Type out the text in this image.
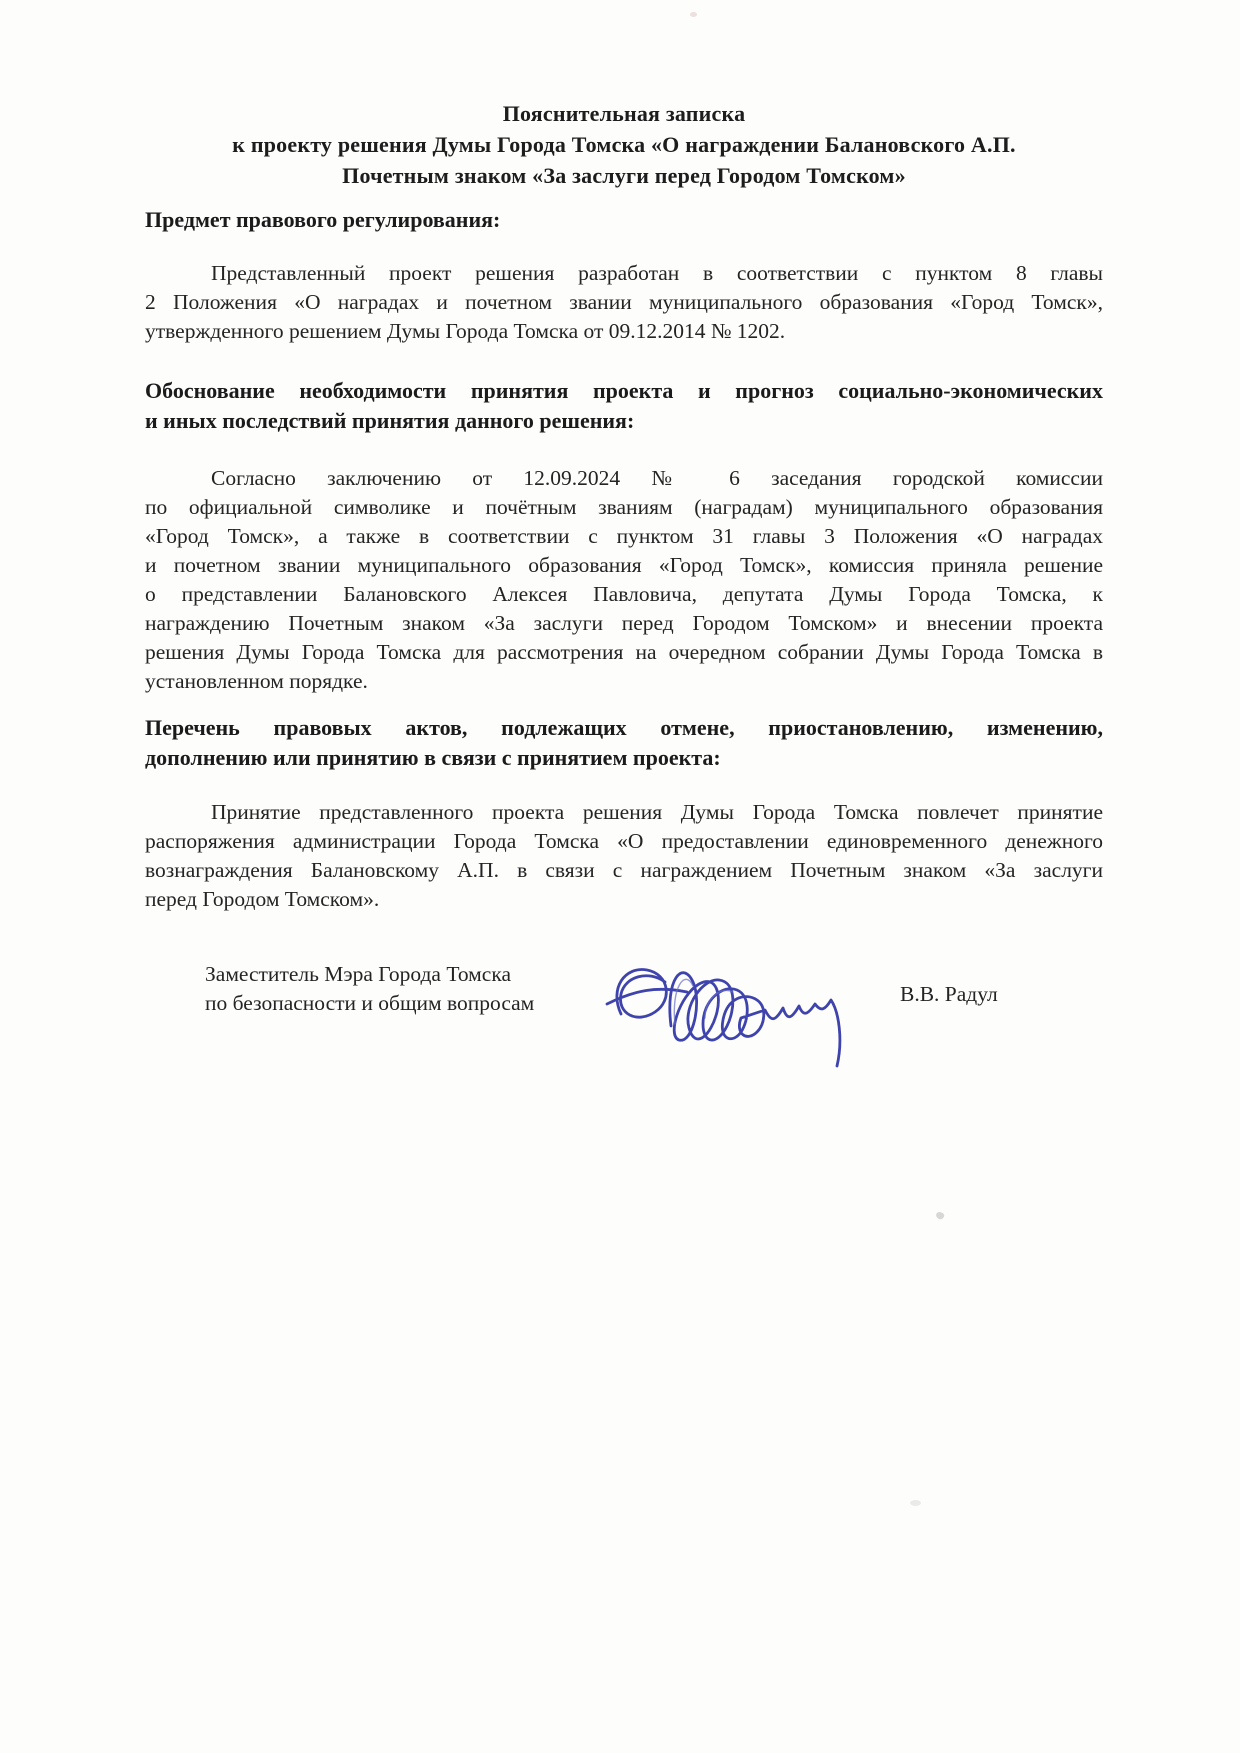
Пояснительная записка
к проекту решения Думы Города Томска «О награждении Балановского А.П.
Почетным знаком «За заслуги перед Городом Томском»
Предмет правового регулирования:
Представленный проект решения разработан в соответствии с пунктом 8 главы
2 Положения «О наградах и почетном звании муниципального образования «Город Томск»,
утвержденного решением Думы Города Томска от 09.12.2014 № 1202.
Обоснование необходимости принятия проекта и прогноз социально-экономических
и иных последствий принятия данного решения:
Согласно заключению от 12.09.2024 № 6 заседания городской комиссии
по официальной символике и почётным званиям (наградам) муниципального образования
«Город Томск», а также в соответствии с пунктом 31 главы 3 Положения «О наградах
и почетном звании муниципального образования «Город Томск», комиссия приняла решение
о представлении Балановского Алексея Павловича, депутата Думы Города Томска, к
награждению Почетным знаком «За заслуги перед Городом Томском» и внесении проекта
решения Думы Города Томска для рассмотрения на очередном собрании Думы Города Томска в
установленном порядке.
Перечень правовых актов, подлежащих отмене, приостановлению, изменению,
дополнению или принятию в связи с принятием проекта:
Принятие представленного проекта решения Думы Города Томска повлечет принятие
распоряжения администрации Города Томска «О предоставлении единовременного денежного
вознаграждения Балановскому А.П. в связи с награждением Почетным знаком «За заслуги
перед Городом Томском».
Заместитель Мэра Города Томска
по безопасности и общим вопросам	В.В. Радул
